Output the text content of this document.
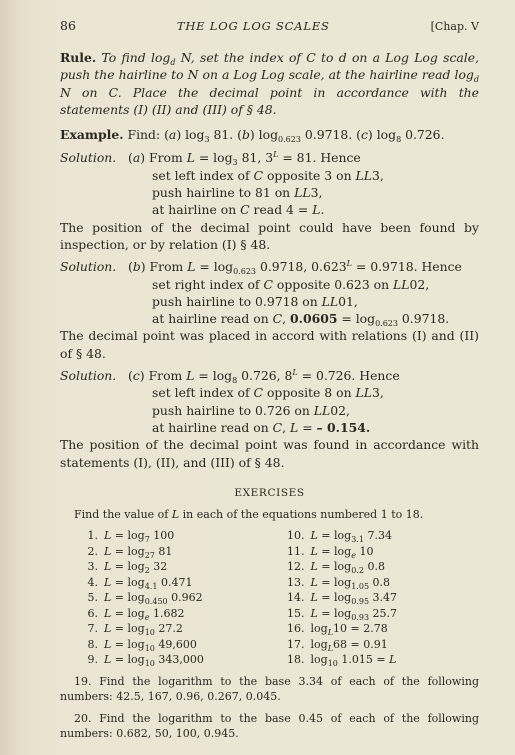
86	THE LOG LOG SCALES	[Chap. V

Rule. To find $\log_d N$, set the index of C to d on a Log Log scale, push the hairline to N on a Log Log scale, at the hairline read $\log_d N$ on C. Place the decimal point in accordance with the statements (I) (II) and (III) of § 48.

Example. Find: (a) $\log_3 81$. (b) $\log_{0.623} 0.9718$. (c) $\log_8 0.726$.

Solution. (a) From $L = \log_3 81$, $3^L = 81$. Hence

set left index of C opposite 3 on LL3,

push hairline to 81 on LL3,

at hairline on C read 4 = L.

The position of the decimal point could have been found by inspection, or by relation (I) § 48.

Solution. (b) From $L = \log_{0.623} 0.9718$, $0.623^L = 0.9718$. Hence

set right index of C opposite 0.623 on LL02,

push hairline to 0.9718 on LL01,

at hairline read on C, $0.0605 = \log_{0.623} 0.9718$.

The decimal point was placed in accord with relations (I) and (II) of § 48.

Solution. (c) From $L = \log_8 0.726$, $8^L = 0.726$. Hence

set left index of C opposite 8 on LL3,

push hairline to 0.726 on LL02,

at hairline read on C, L = – 0.154.

The position of the decimal point was found in accordance with statements (I), (II), and (III) of § 48.

EXERCISES

Find the value of L in each of the equations numbered 1 to 18.

1. $L = \log_7 100$	10. $L = \log_{3.1} 7.34$
2. $L = \log_{27} 81$	11. $L = \log_e 10$
3. $L = \log_2 32$	12. $L = \log_{0.2} 0.8$
4. $L = \log_{4.1} 0.471$	13. $L = \log_{1.05} 0.8$
5. $L = \log_{0.450} 0.962$	14. $L = \log_{0.95} 3.47$
6. $L = \log_e 1.682$	15. $L = \log_{0.93} 25.7$
7. $L = \log_{10} 27.2$	16. $\log_L10 = 2.78$
8. $L = \log_{10} 49,600$	17. $\log_L68 = 0.91$
9. $L = \log_{10} 343,000$	18. $\log_{10} 1.015 = L$

19. Find the logarithm to the base 3.34 of each of the following numbers: 42.5, 167, 0.96, 0.267, 0.045.

20. Find the logarithm to the base 0.45 of each of the following numbers: 0.682, 50, 100, 0.945.
